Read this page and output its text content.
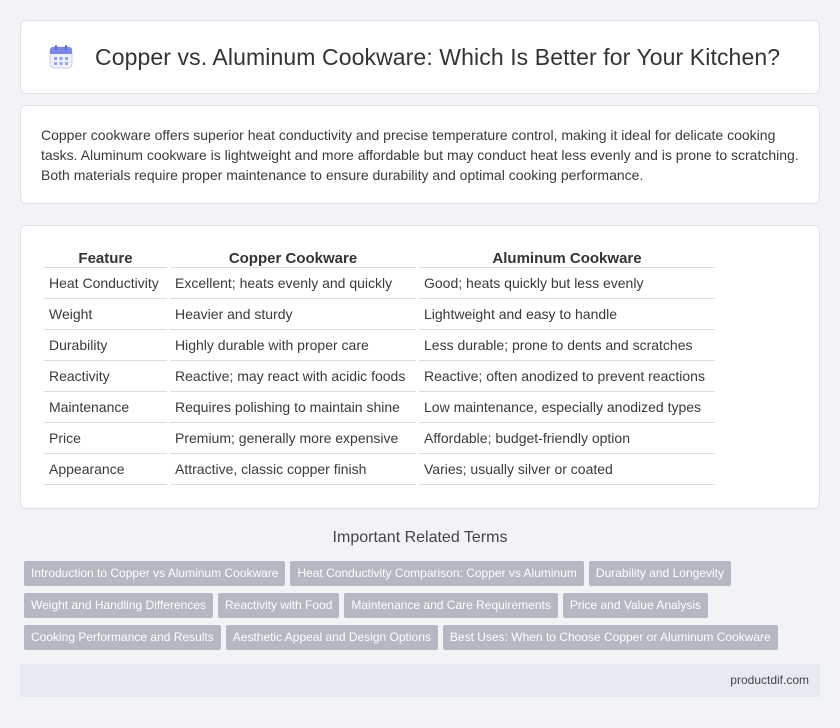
Copper vs. Aluminum Cookware: Which Is Better for Your Kitchen?

Copper cookware offers superior heat conductivity and precise temperature control, making it ideal for delicate cooking tasks. Aluminum cookware is lightweight and more affordable but may conduct heat less evenly and is prone to scratching. Both materials require proper maintenance to ensure durability and optimal cooking performance.

Feature	Copper Cookware	Aluminum Cookware
Heat Conductivity	Excellent; heats evenly and quickly	Good; heats quickly but less evenly
Weight	Heavier and sturdy	Lightweight and easy to handle
Durability	Highly durable with proper care	Less durable; prone to dents and scratches
Reactivity	Reactive; may react with acidic foods	Reactive; often anodized to prevent reactions
Maintenance	Requires polishing to maintain shine	Low maintenance, especially anodized types
Price	Premium; generally more expensive	Affordable; budget-friendly option
Appearance	Attractive, classic copper finish	Varies; usually silver or coated
Important Related Terms
Introduction to Copper vs Aluminum Cookware Heat Conductivity Comparison: Copper vs Aluminum Durability and LongevityWeight and Handling Differences Reactivity with Food Maintenance and Care Requirements Price and Value AnalysisCooking Performance and Results Aesthetic Appeal and Design Options Best Uses: When to Choose Copper or Aluminum Cookware
productdif.com
